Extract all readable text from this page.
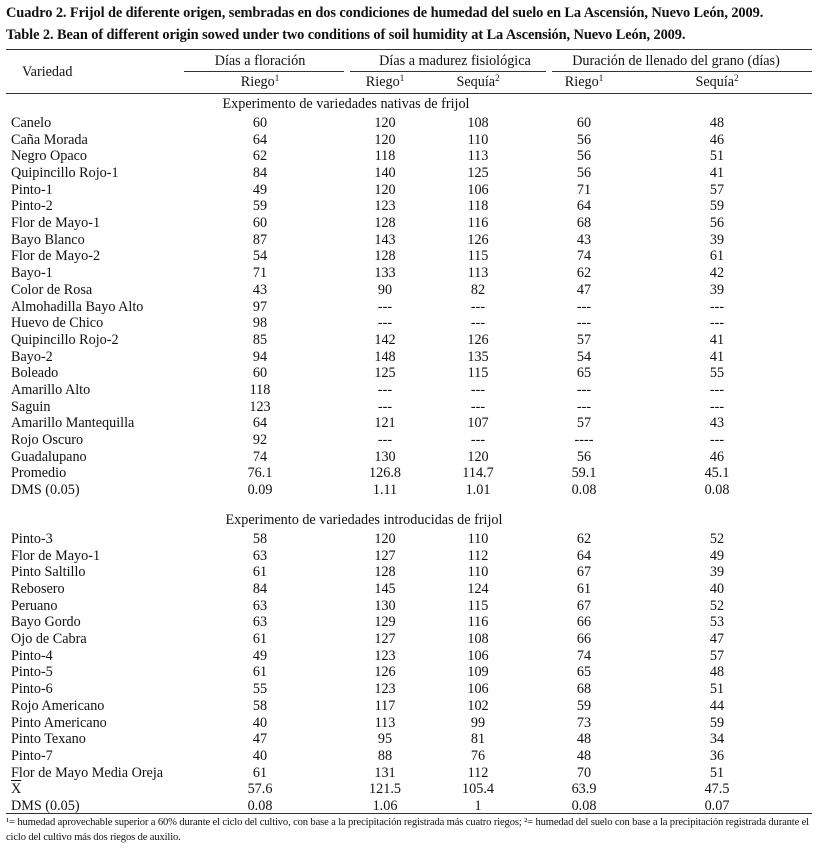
Cuadro 2. Frijol de diferente origen, sembradas en dos condiciones de humedad del suelo en La Ascensión, Nuevo León, 2009.
Table 2. Bean of different origin sowed under two conditions of soil humidity at La Ascensión, Nuevo León, 2009.
Variedad
Días a floración	Días a madurez fisiológica	Duración de llenado del grano (días)
Riego$^1$	Riego$^1$	Sequía$^2$	Riego$^1$	Sequía$^2$
Experimento de variedades nativas de frijol
Canelo	60	120	108	60	48
Caña Morada	64	120	110	56	46
Negro Opaco	62	118	113	56	51
Quipincillo Rojo-1	84	140	125	56	41
Pinto-1	49	120	106	71	57
Pinto-2	59	123	118	64	59
Flor de Mayo-1	60	128	116	68	56
Bayo Blanco	87	143	126	43	39
Flor de Mayo-2	54	128	115	74	61
Bayo-1	71	133	113	62	42
Color de Rosa	43	90	82	47	39
Almohadilla Bayo Alto	97	---	---	---	---
Huevo de Chico	98	---	---	---	---
Quipincillo Rojo-2	85	142	126	57	41
Bayo-2	94	148	135	54	41
Boleado	60	125	115	65	55
Amarillo Alto	118	---	---	---	---
Saguin	123	---	---	---	---
Amarillo Mantequilla	64	121	107	57	43
Rojo Oscuro	92	---	---	----	---
Guadalupano	74	130	120	56	46
Promedio	76.1	126.8	114.7	59.1	45.1
DMS (0.05)	0.09	1.11	1.01	0.08	0.08
Pinto-3	58	120	110	62	52
Flor de Mayo-1	63	127	112	64	49
Pinto Saltillo	61	128	110	67	39
Rebosero	84	145	124	61	40
Peruano	63	130	115	67	52
Bayo Gordo	63	129	116	66	53
Ojo de Cabra	61	127	108	66	47
Pinto-4	49	123	106	74	57
Pinto-5	61	126	109	65	48
Pinto-6	55	123	106	68	51
Rojo Americano	58	117	102	59	44
Pinto Americano	40	113	99	73	59
Pinto Texano	47	95	81	48	34
Pinto-7	40	88	76	48	36
Flor de Mayo Media Oreja	61	131	112	70	51
$\overline{X}$	57.6	121.5	105.4	63.9	47.5
DMS (0.05)	0.08	1.06	1	0.08	0.07
Experimento de variedades introducidas de frijol
¹= humedad aprovechable superior a 60% durante el ciclo del cultivo, con base a la precipitación registrada más cuatro riegos; ²= humedad del suelo con base a la precipitación registrada durante el ciclo del cultivo más dos riegos de auxilio.
